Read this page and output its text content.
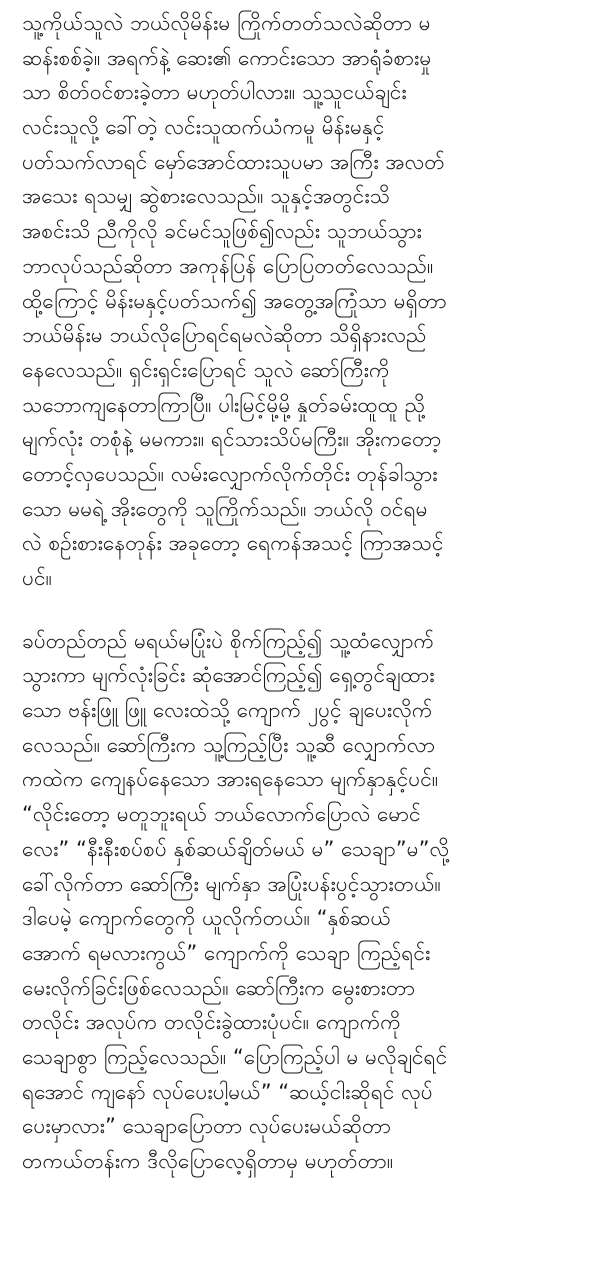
သူ့ကိုယ်သူလဲ ဘယ်လိုမိန်းမ ကြိုက်တတ်သလဲဆိုတာ မ
ဆန်းစစ်ခဲ့။ အရက်နဲ့ ဆေး၏ ကောင်းသော အာရုံခံစားမှု
သာ စိတ်ဝင်စားခဲ့တာ မဟုတ်ပါလား။ သူ့သူငယ်ချင်း
လင်းသူလို့ ခေါ်တဲ့ လင်းသူထက်ယံကမူ မိန်းမနှင့်
ပတ်သက်လာရင် မှော်အောင်ထားသူပမာ အကြီး အလတ်
အသေး ရသမျှ ဆွဲစားလေသည်။ သူနှင့်အတွင်းသိ
အစင်းသိ ညီကိုလို ခင်မင်သူဖြစ်၍လည်း သူဘယ်သွား
ဘာလုပ်သည်ဆိုတာ အကုန်ပြန် ပြောပြတတ်လေသည်။
ထို့ကြောင့် မိန်းမနှင့်ပတ်သက်၍ အတွေ့အကြုံသာ မရှိတာ
ဘယ်မိန်းမ ဘယ်လိုပြောရင်ရမလဲဆိုတာ သိရှိနားလည်
နေလေသည်။ ရှင်းရှင်းပြောရင် သူလဲ ဆော်ကြီးကို
သဘောကျနေတာကြာပြီ။ ပါးမြင့်မို့မို့ နှုတ်ခမ်းထူထူ ညို့
မျက်လုံး တစုံနဲ့ မမကား။ ရင်သားသိပ်မကြီး။ အိုးကတော့
တောင့်လှပေသည်။ လမ်းလျှောက်လိုက်တိုင်း တုန်ခါသွား
သော မမရဲ့ အိုးတွေကို သူကြိုက်သည်။ ဘယ်လို ဝင်ရမ
လဲ စဉ်းစားနေတုန်း အခုတော့ ရေကန်အသင့် ကြာအသင့်
ပင်။
ခပ်တည်တည် မရယ်မပြုံးပဲ စိုက်ကြည့်၍ သူ့ထံလျှောက်
သွားကာ မျက်လုံးခြင်း ဆုံအောင်ကြည့်၍ ရှေ့တွင်ချထား
သော ဗန်းဖြူ ဖြူ လေးထဲသို့ ကျောက် ၂ပွင့် ချပေးလိုက်
လေသည်။ ဆော်ကြီးက သူ့ကြည့်ပြီး သူ့ဆီ လျှောက်လာ
ကထဲက ကျေနပ်နေသော အားရနေသော မျက်နှာနှင့်ပင်။
“လိုင်းတော့ မတူဘူးရယ် ဘယ်လောက်ပြောလဲ မောင်
လေး” “နီးနီးစပ်စပ် နှစ်ဆယ်ချိတ်မယ် မ” သေချာ”မ”လို့
ခေါ်လိုက်တာ ဆော်ကြီး မျက်နှာ အပြုံးပန်းပွင့်သွားတယ်။
ဒါပေမဲ့ ကျောက်တွေကို ယူလိုက်တယ်။ “နှစ်ဆယ်
အောက် ရမလားကွယ်” ကျောက်ကို သေချာ ကြည့်ရင်း
မေးလိုက်ခြင်းဖြစ်လေသည်။ ဆော်ကြီးက မွေးစားတာ
တလိုင်း အလုပ်က တလိုင်းခွဲထားပုံပင်။ ကျောက်ကို
သေချာစွာ ကြည့်လေသည်။ “ပြောကြည့်ပါ မ မလိုချင်ရင်
ရအောင် ကျနော် လုပ်ပေးပါ့မယ်” “ဆယ့်ငါးဆိုရင် လုပ်
ပေးမှာလား” သေချာပြောတာ လုပ်ပေးမယ်ဆိုတာ
တကယ်တန်းက ဒီလိုပြောလေ့ရှိတာမှ မဟုတ်တာ။
